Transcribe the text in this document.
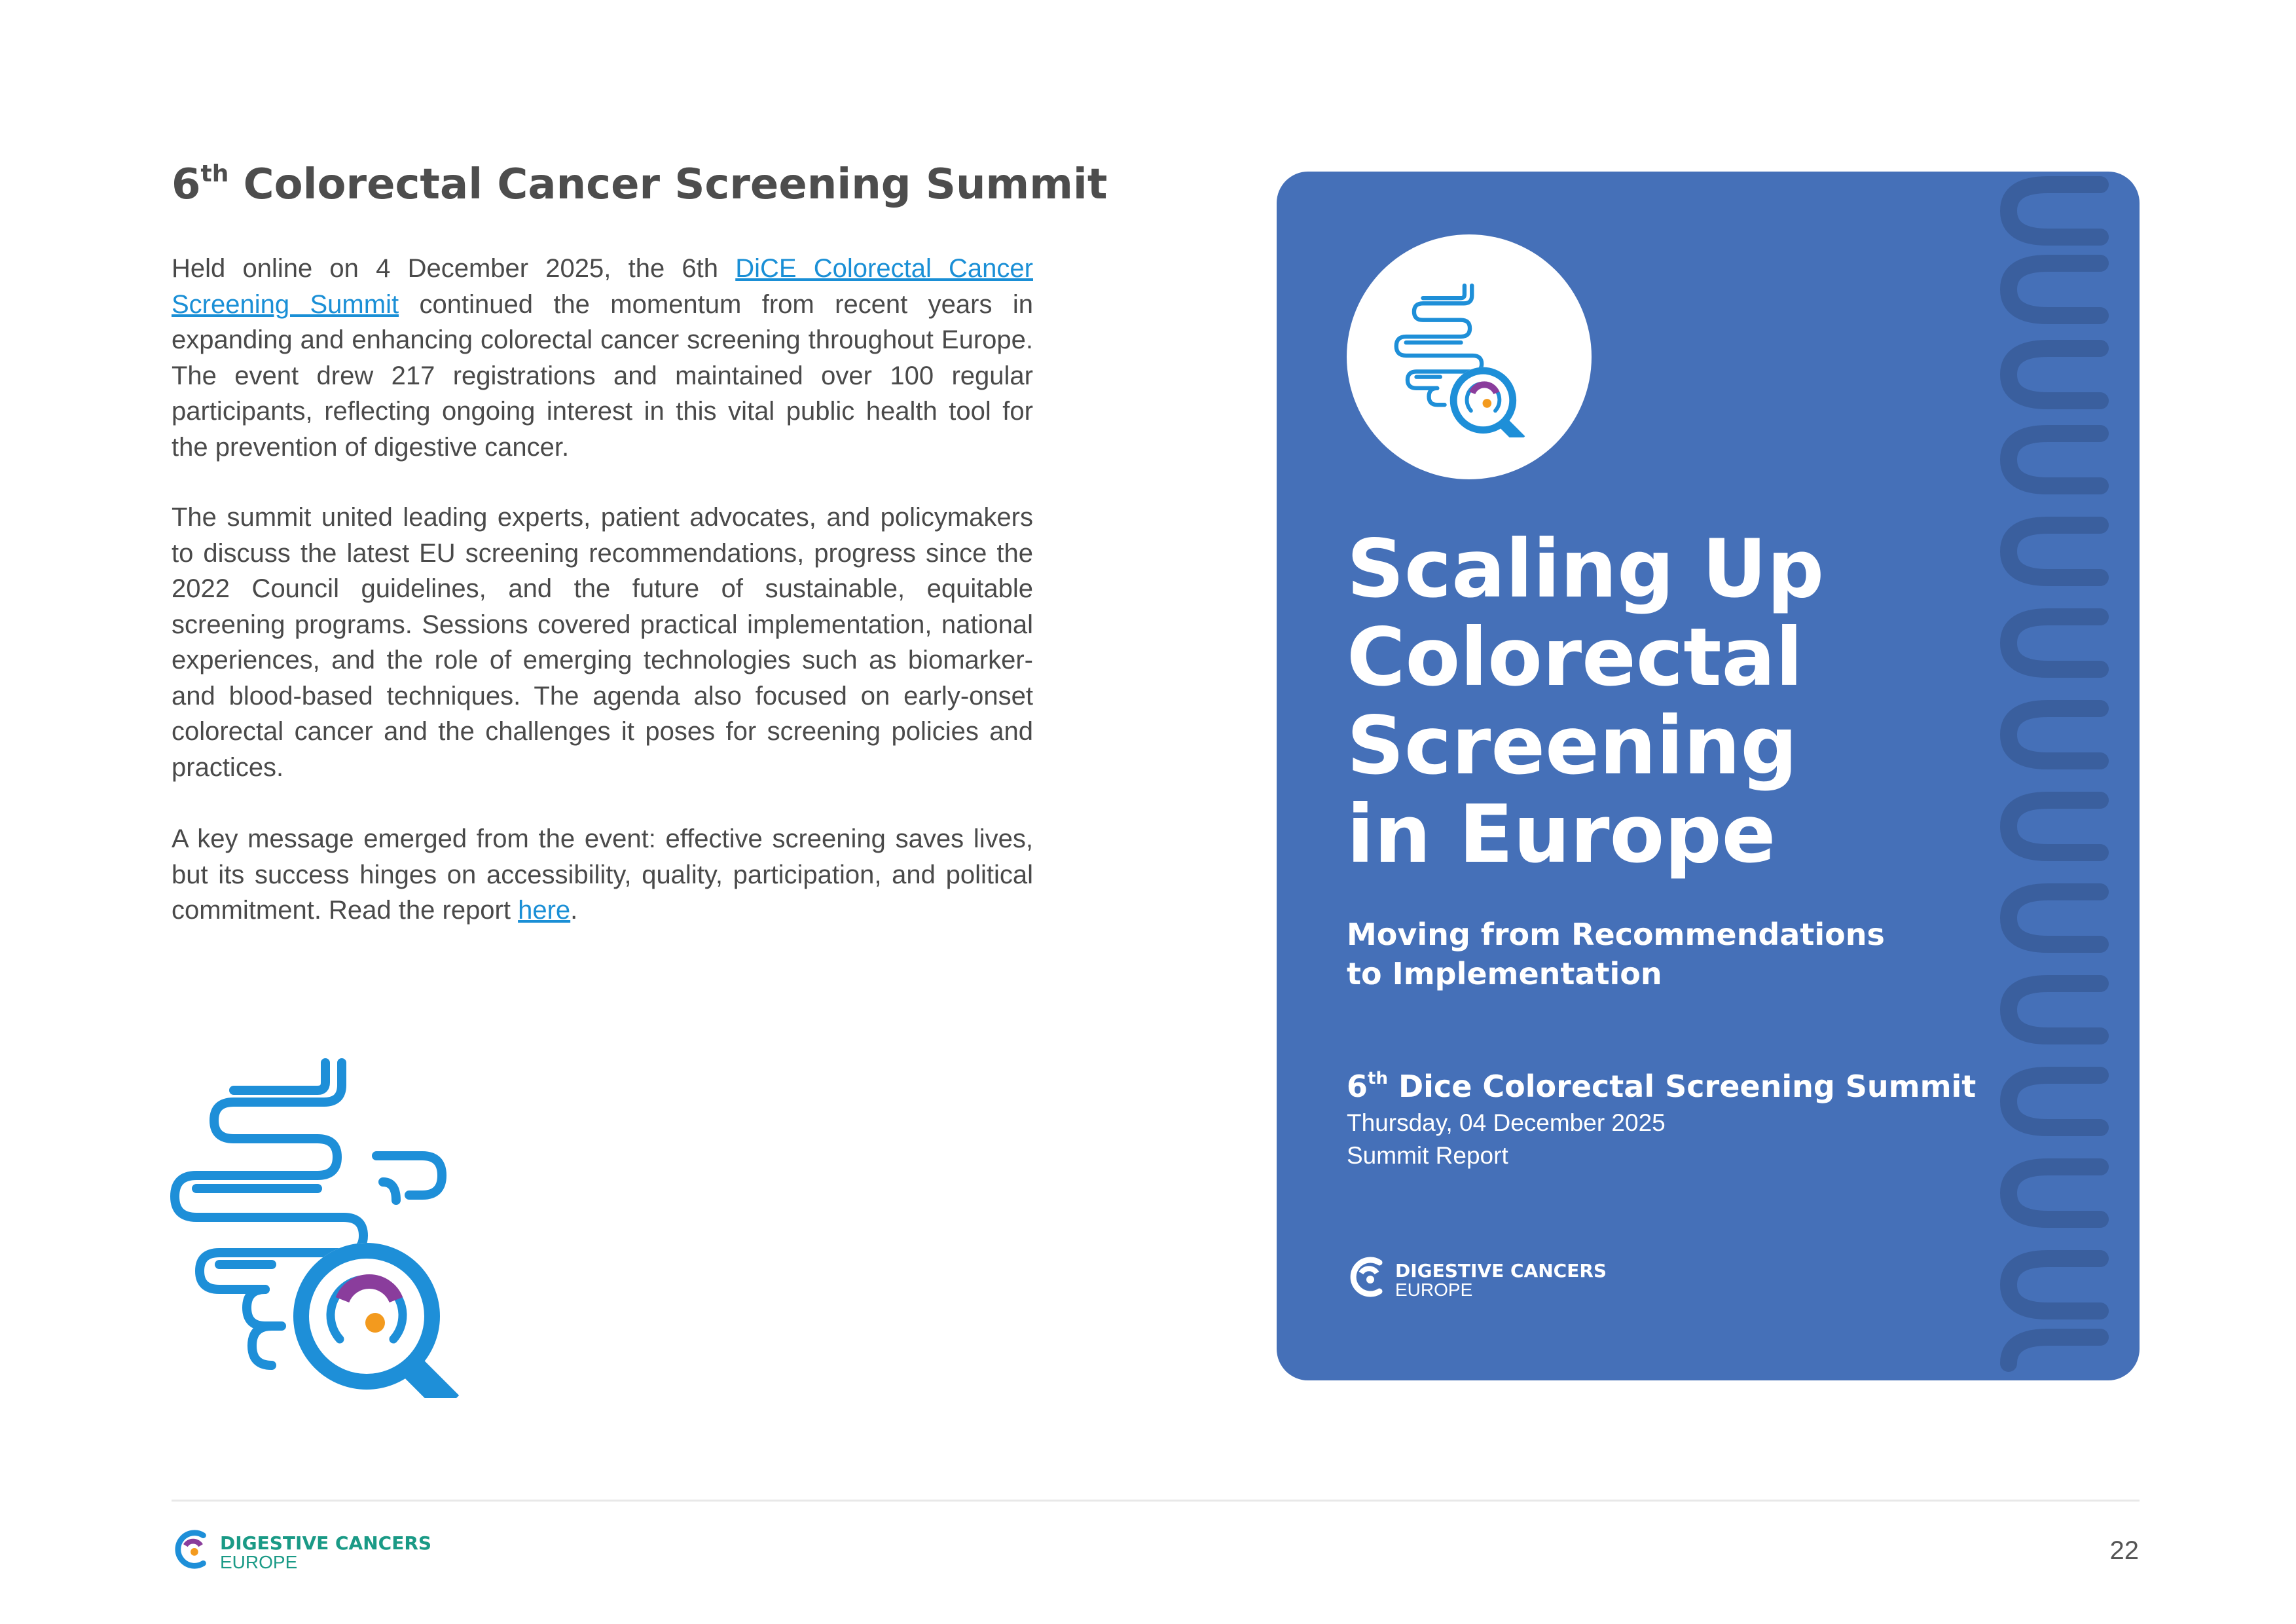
6th Colorectal Cancer Screening Summit

Held online on 4 December 2025, the 6th DiCE Colorectal Cancer Screening Summit continued the momentum from recent years in expanding and enhancing colorectal cancer screening throughout Europe. The event drew 217 registrations and maintained over 100 regular participants, reflecting ongoing interest in this vital public health tool for the prevention of digestive cancer.

The summit united leading experts, patient advocates, and policymakers to discuss the latest EU screening recommendations, progress since the 2022 Council guidelines, and the future of sustainable, equitable screening programs. Sessions covered practical implementation, national experiences, and the role of emerging technologies such as biomarker- and blood-based techniques. The agenda also focused on early-onset colorectal cancer and the challenges it poses for screening policies and practices.

A key message emerged from the event: effective screening saves lives, but its success hinges on accessibility, quality, participation, and political commitment. Read the report here.

Scaling Up
Colorectal
Screening
in Europe
Moving from Recommendations
to Implementation
6th Dice Colorectal Screening Summit
Thursday, 04 December 2025
Summit Report
DIGESTIVE CANCERS
EUROPE
DIGESTIVE CANCERS
EUROPE	22
